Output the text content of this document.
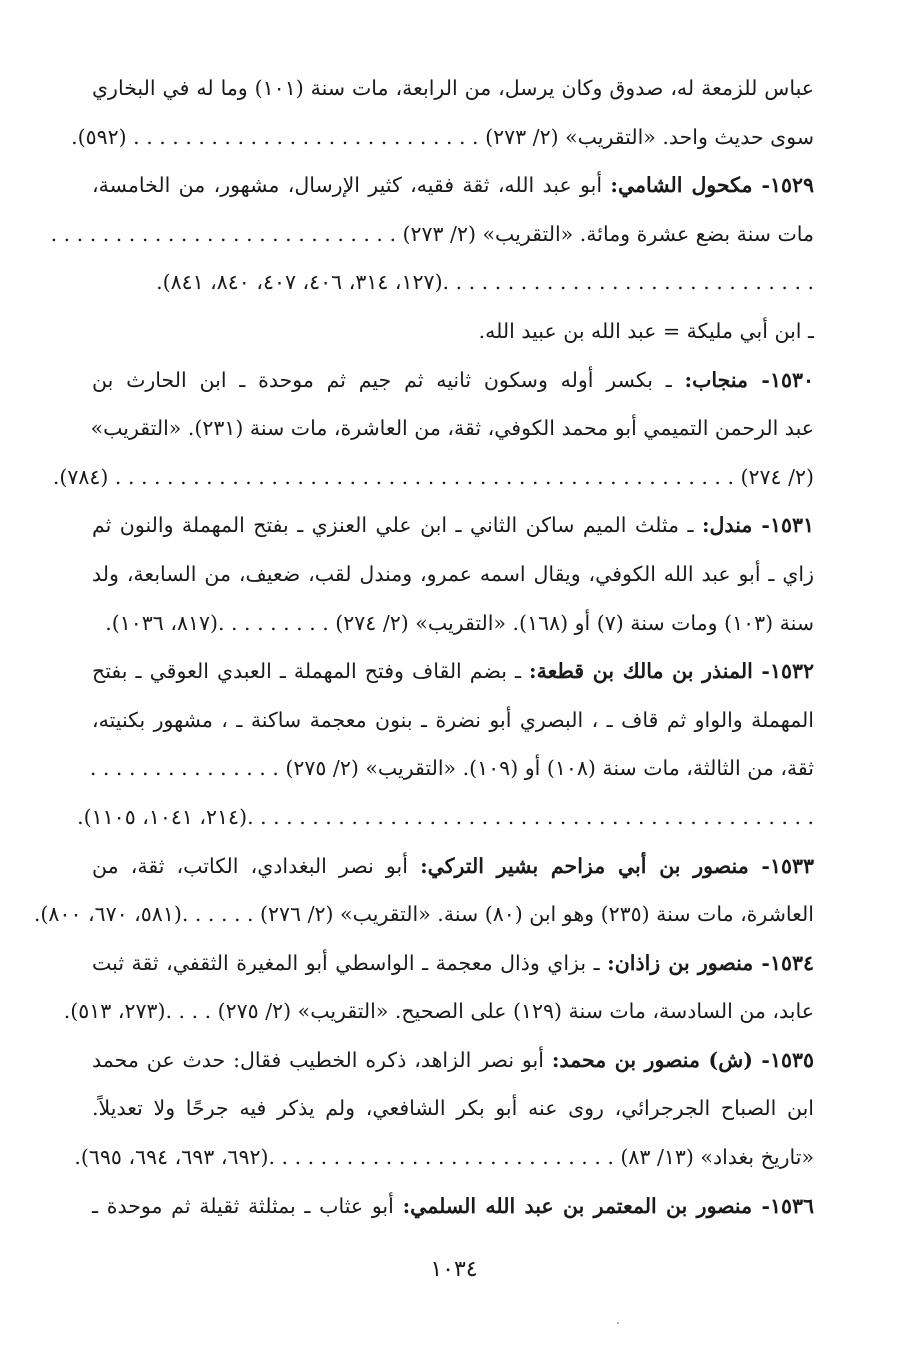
عباس للزمعة له، صدوق وكان يرسل، من الرابعة، مات سنة (١٠١) وما له في البخاري
سوى حديث واحد. «التقريب» (٢/ ٢٧٣) . . . . . . . . . . . . . . . . . . . . . . . . . . . (٥٩٢).
١٥٢٩- مكحول الشامي: أبو عبد الله، ثقة فقيه، كثير الإرسال، مشهور، من الخامسة،
مات سنة بضع عشرة ومائة. «التقريب» (٢/ ٢٧٣) . . . . . . . . . . . . . . . . . . . . . . . . . . .
. . . . . . . . . . . . . . . . . . . . . . . . . . . . .(١٢٧، ٣١٤، ٤٠٦، ٤٠٧، ٨٤٠، ٨٤١).
ـ ابن أبي مليكة = عبد الله بن عبيد الله.
١٥٣٠- منجاب: ـ بكسر أوله وسكون ثانيه ثم جيم ثم موحدة ـ ابن الحارث بن
عبد الرحمن التميمي أبو محمد الكوفي، ثقة، من العاشرة، مات سنة (٢٣١). «التقريب»
(٢/ ٢٧٤) . . . . . . . . . . . . . . . . . . . . . . . . . . . . . . . . . . . . . . . . . . . . . . . . (٧٨٤).
١٥٣١- مندل: ـ مثلث الميم ساكن الثاني ـ ابن علي العنزي ـ بفتح المهملة والنون ثم
زاي ـ أبو عبد الله الكوفي، ويقال اسمه عمرو، ومندل لقب، ضعيف، من السابعة، ولد
سنة (١٠٣) ومات سنة (٧) أو (١٦٨). «التقريب» (٢/ ٢٧٤) . . . . . . . . .(٨١٧، ١٠٣٦).
١٥٣٢- المنذر بن مالك بن قطعة: ـ بضم القاف وفتح المهملة ـ العبدي العوقي ـ بفتح
المهملة والواو ثم قاف ـ ، البصري أبو نضرة ـ بنون معجمة ساكنة ـ ، مشهور بكنيته،
ثقة، من الثالثة، مات سنة (١٠٨) أو (١٠٩). «التقريب» (٢/ ٢٧٥) . . . . . . . . . . . . . . .
. . . . . . . . . . . . . . . . . . . . . . . . . . . . . . . . . . . . . . . . . . . .(٢١٤، ١٠٤١، ١١٠٥).
١٥٣٣- منصور بن أبي مزاحم بشير التركي: أبو نصر البغدادي، الكاتب، ثقة، من
العاشرة، مات سنة (٢٣٥) وهو ابن (٨٠) سنة. «التقريب» (٢/ ٢٧٦) . . . . . .(٥٨١، ٦٧٠، ٨٠٠).
١٥٣٤- منصور بن زاذان: ـ بزاي وذال معجمة ـ الواسطي أبو المغيرة الثقفي، ثقة ثبت
عابد، من السادسة، مات سنة (١٢٩) على الصحيح. «التقريب» (٢/ ٢٧٥) . . . .(٢٧٣، ٥١٣).
١٥٣٥- (ش) منصور بن محمد: أبو نصر الزاهد، ذكره الخطيب فقال: حدث عن محمد
ابن الصباح الجرجرائي، روى عنه أبو بكر الشافعي، ولم يذكر فيه جرحًا ولا تعديلاً.
«تاريخ بغداد» (١٣/ ٨٣) . . . . . . . . . . . . . . . . . . . . . . . . . . .(٦٩٢، ٦٩٣، ٦٩٤، ٦٩٥).
١٥٣٦- منصور بن المعتمر بن عبد الله السلمي: أبو عثاب ـ بمثلثة ثقيلة ثم موحدة ـ
١٠٣٤
